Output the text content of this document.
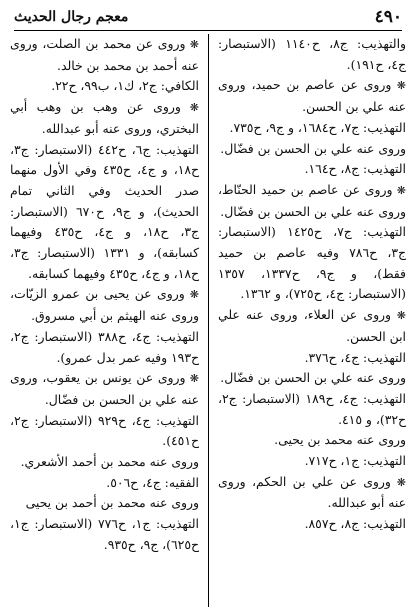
٤٩٠
معجم رجال الحديث
والتهذيب: ج٨، ح١١٤٠ (الاستبصار: ج٤، ح١٩١).
❋ وروى عن عاصم بن حميد، وروى عنه علي بن الحسن.
التهذيب: ج٧، ح١٦٨٤، و ج٩، ح٧٣٥.
وروى عنه علي بن الحسن بن فضّال.
التهذيب: ج٨، ح١٦٤.
❋ وروى عن عاصم بن حميد الحنّاط، وروى عنه علي بن الحسن بن فضّال.
التهذيب: ج٧، ح١٤٢٥ (الاستبصار: ج٣، ح٧٨٦ وفيه عاصم بن حميد فقط)، و ج٩، ح١٣٣٧، ١٣٥٧ (الاستبصار: ج٤، ح٧٢٥)، و ١٣٦٢.
❋ وروى عن العلاء، وروى عنه علي ابن الحسن.
التهذيب: ج٤، ح٣٧٦.
وروى عنه علي بن الحسن بن فضّال.
التهذيب: ج٤، ح١٨٩ (الاستبصار: ج٢، ح٣٢)، و ٤١٥.
وروى عنه محمد بن يحيى.
التهذيب: ج١، ح٧١٧.
❋ وروى عن علي بن الحكم، وروى عنه أبو عبدالله.
التهذيب: ج٨، ح٨٥٧.
❋ وروى عن محمد بن الصلت، وروى عنه أحمد بن محمد بن خالد.
الكافي: ج٢، ك١، ب٩٩، ح٢٢.
❋ وروى عن وهب بن وهب أبي البختري، وروى عنه أبو عبدالله.
التهذيب: ج٦، ح٤٤٢ (الاستبصار: ج٣، ح١٨، و ج٤، ح٤٣٥ وفي الأول منهما صدر الحديث وفي الثاني تمام الحديث)، و ج٩، ح٦٧٠ (الاستبصار: ج٣، ح١٨، و ج٤، ح٤٣٥ وفيهما كسابقه)، و ١٣٣١ (الاستبصار: ج٣، ح١٨، و ج٤، ح٤٣٥ وفيهما كسابقه.
❋ وروى عن يحيى بن عمرو الزيّات، وروى عنه الهيثم بن أبي مسروق.
التهذيب: ج٤، ح٣٨٨ (الاستبصار: ج٢، ح١٩٣ وفيه عمر بدل عمرو).
❋ وروى عن يونس بن يعقوب، وروى عنه علي بن الحسن بن فضّال.
التهذيب: ج٤، ح٩٢٩ (الاستبصار: ج٢، ح٤٥١).
وروى عنه محمد بن أحمد الأشعري.
الفقيه: ج٤، ح٥٠٦.
وروى عنه محمد بن أحمد بن يحيى
التهذيب: ج١، ح٧٧٦ (الاستبصار: ج١، ح٦٢٥)، ج٩، ح٩٣٥.
